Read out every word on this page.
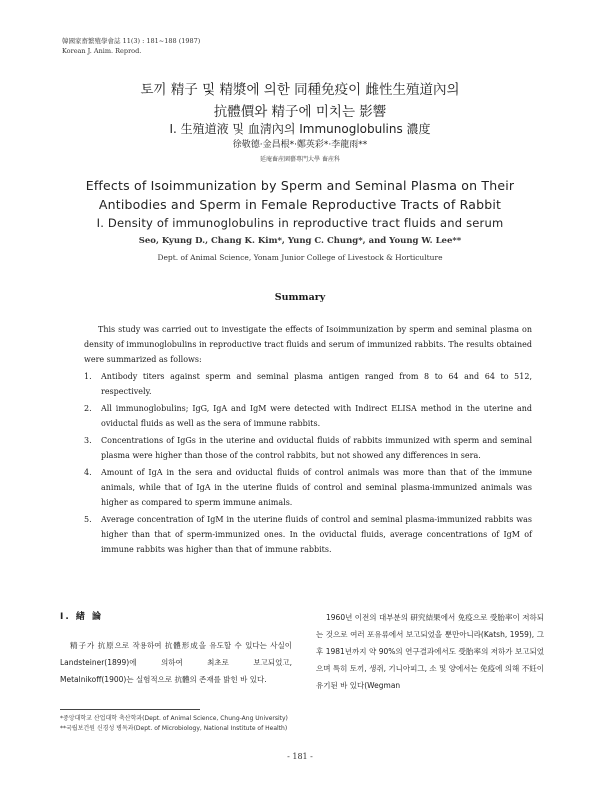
韓國家畜繁殖學會誌 11(3) : 181~188 (1987)
Korean J. Anim. Reprod.
토끼 精子 및 精漿에 의한 同種免疫이 雌性生殖道內의
抗體價와 精子에 미치는 影響
I. 生殖道液 및 血淸內의 Immunoglobulins 濃度
徐敬德·金昌根*·鄭英彩*·李龍雨**
延庵畜産園藝專門大學 畜産科
Effects of Isoimmunization by Sperm and Seminal Plasma on Their
Antibodies and Sperm in Female Reproductive Tracts of Rabbit
I. Density of immunoglobulins in reproductive tract fluids and serum
Seo, Kyung D., Chang K. Kim*, Yung C. Chung*, and Young W. Lee**
Dept. of Animal Science, Yonam Junior College of Livestock & Horticulture
Summary

This study was carried out to investigate the effects of Isoimmunization by sperm and seminal plasma on density of immunoglobulins in reproductive tract fluids and serum of immunized rabbits. The results obtained were summarized as follows:

1. Antibody titers against sperm and seminal plasma antigen ranged from 8 to 64 and 64 to 512, respectively.
2. All immunoglobulins; IgG, IgA and IgM were detected with Indirect ELISA method in the uterine and oviductal fluids as well as the sera of immune rabbits.
3. Concentrations of IgGs in the uterine and oviductal fluids of rabbits immunized with sperm and seminal plasma were higher than those of the control rabbits, but not showed any differences in sera.
4. Amount of IgA in the sera and oviductal fluids of control animals was more than that of the immune animals, while that of IgA in the uterine fluids of control and seminal plasma-immunized animals was higher as compared to sperm immune animals.
5. Average concentration of IgM in the uterine fluids of control and seminal plasma-immunized rabbits was higher than that of sperm-immunized ones. In the oviductal fluids, average concentrations of IgM of immune rabbits was higher than that of immune rabbits.
I. 緖 論

精子가 抗原으로 작용하여 抗體形成을 유도할 수 있다는 사실이 Landsteiner(1899)에 의하여 최초로 보고되었고, Metalnikoff(1900)는 실험적으로 抗體의 존재를 밝힌 바 있다.

1960년 이전의 대부분의 研究結果에서 免疫으로 受胎率이 저하되는 것으로 여러 포유류에서 보고되었을 뿐만아니라(Katsh, 1959), 그 후 1981년까지 약 90%의 연구결과에서도 受胎率의 저하가 보고되었으며 특히 토끼, 생쥐, 기니아피그, 소 및 양에서는 免疫에 의해 不妊이 유기된 바 있다(Wegman

*중앙대학교 산업대학 축산학과(Dept. of Animal Science, Chung-Ang University)
**국립보건원 신경성 병독과(Dept. of Microbiology, National Institute of Health)
- 181 -
